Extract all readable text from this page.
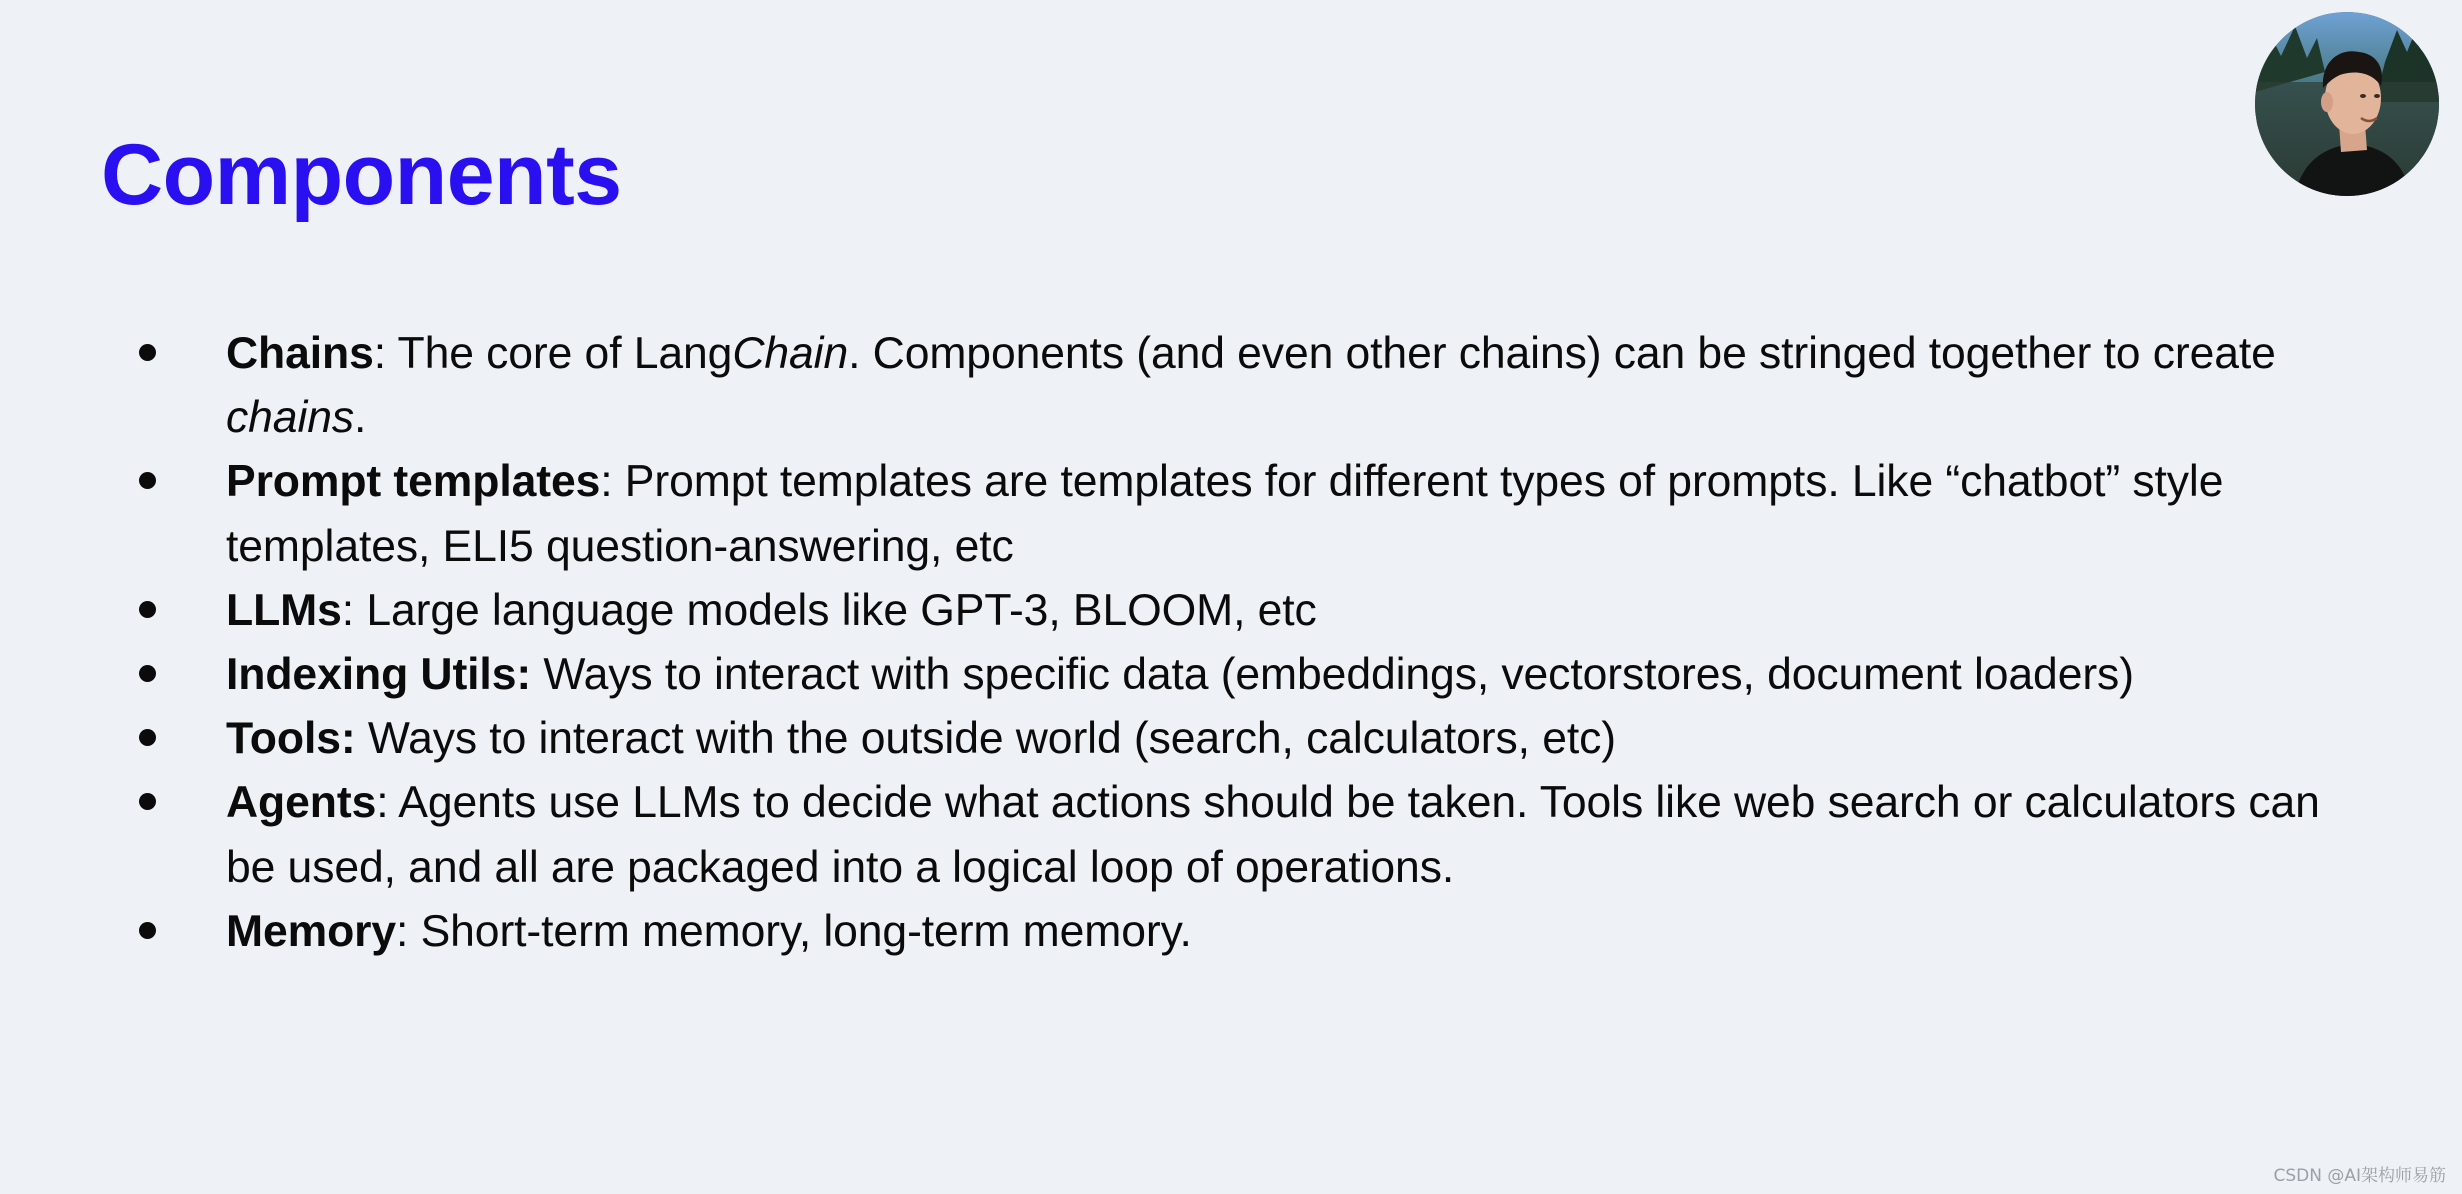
Components
Chains: The core of LangChain. Components (and even other chains) can be stringed together to create chains.
Prompt templates: Prompt templates are templates for different types of prompts. Like “chatbot” style templates, ELI5 question-answering, etc
LLMs: Large language models like GPT-3, BLOOM, etc
Indexing Utils: Ways to interact with specific data (embeddings, vectorstores, document loaders)
Tools: Ways to interact with the outside world (search, calculators, etc)
Agents: Agents use LLMs to decide what actions should be taken. Tools like web search or calculators can be used, and all are packaged into a logical loop of operations.
Memory: Short-term memory, long-term memory.
CSDN @AI架构师易筋
